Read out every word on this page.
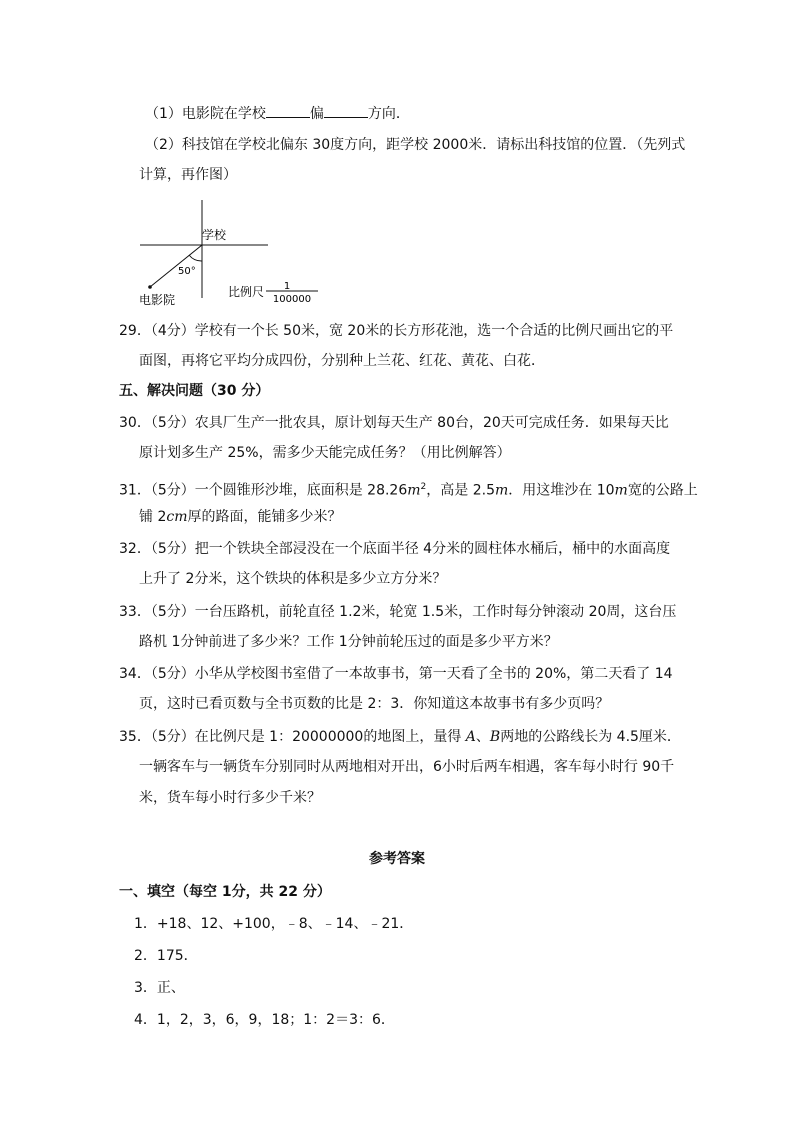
（1）电影院在学校	偏	方向．
（2）科技馆在学校北偏东 30度方向，距学校 2000米．请标出科技馆的位置．（先列式
计算，再作图）
学校
50°
电影院
比例尺 1
100000
29．（4分）学校有一个长 50米，宽 20米的长方形花池，选一个合适的比例尺画出它的平
面图，再将它平均分成四份，分别种上兰花、红花、黄花、白花．
五、解决问题（30 分）
30．（5分）农具厂生产一批农具，原计划每天生产 80台，20天可完成任务．如果每天比
原计划多生产 25%，需多少天能完成任务？（用比例解答）
31．（5分）一个圆锥形沙堆，底面积是 $28.26m^2$，高是 2.5m．用这堆沙在 10m宽的公路上
铺 2cm厚的路面，能铺多少米？
32．（5分）把一个铁块全部浸没在一个底面半径 4分米的圆柱体水桶后，桶中的水面高度
上升了 2分米，这个铁块的体积是多少立方分米？
33．（5分）一台压路机，前轮直径 1.2米，轮宽 1.5米，工作时每分钟滚动 20周，这台压
路机 1分钟前进了多少米？工作 1分钟前轮压过的面是多少平方米？
34．（5分）小华从学校图书室借了一本故事书，第一天看了全书的 20%，第二天看了 14
页，这时已看页数与全书页数的比是 2：3．你知道这本故事书有多少页吗？
35．（5分）在比例尺是 1：20000000的地图上，量得 A、B两地的公路线长为 4.5厘米．
一辆客车与一辆货车分别同时从两地相对开出，6小时后两车相遇，客车每小时行 90千
米，货车每小时行多少千米？
参考答案
一、填空（每空 1分，共 22 分）
1．+18、12、+100，﹣8、﹣14、﹣21．
2．175．
3．正、
4．1，2，3，6，9，18；1：2＝3：6．
